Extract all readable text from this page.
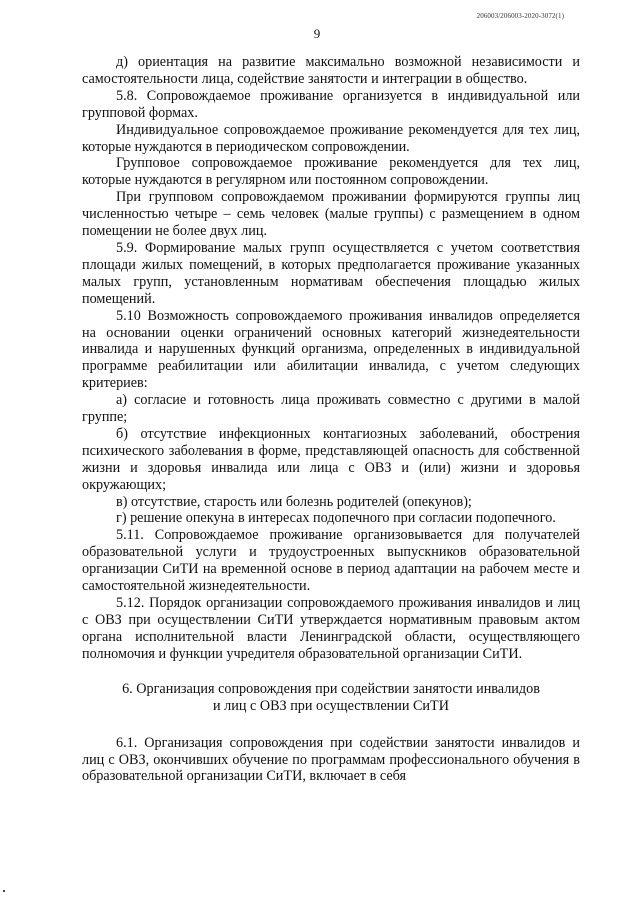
206003/206003-2020-3072(1)
9

д) ориентация на развитие максимально возможной независимости и самостоятельности лица, содействие занятости и интеграции в общество.

5.8. Сопровождаемое проживание организуется в индивидуальной или групповой формах.

Индивидуальное сопровождаемое проживание рекомендуется для тех лиц, которые нуждаются в периодическом сопровождении.

Групповое сопровождаемое проживание рекомендуется для тех лиц, которые нуждаются в регулярном или постоянном сопровождении.

При групповом сопровождаемом проживании формируются группы лиц численностью четыре – семь человек (малые группы) с размещением в одном помещении не более двух лиц.

5.9. Формирование малых групп осуществляется с учетом соответствия площади жилых помещений, в которых предполагается проживание указанных малых групп, установленным нормативам обеспечения площадью жилых помещений.

5.10 Возможность сопровождаемого проживания инвалидов определяется на основании оценки ограничений основных категорий жизнедеятельности инвалида и нарушенных функций организма, определенных в индивидуальной программе реабилитации или абилитации инвалида, с учетом следующих критериев:

а) согласие и готовность лица проживать совместно с другими в малой группе;

б) отсутствие инфекционных контагиозных заболеваний, обострения психического заболевания в форме, представляющей опасность для собственной жизни и здоровья инвалида или лица с ОВЗ и (или) жизни и здоровья окружающих;

в) отсутствие, старость или болезнь родителей (опекунов);

г) решение опекуна в интересах подопечного при согласии подопечного.

5.11. Сопровождаемое проживание организовывается для получателей образовательной услуги и трудоустроенных выпускников образовательной организации СиТИ на временной основе в период адаптации на рабочем месте и самостоятельной жизнедеятельности.

5.12. Порядок организации сопровождаемого проживания инвалидов и лиц с ОВЗ при осуществлении СиТИ утверждается нормативным правовым актом органа исполнительной власти Ленинградской области, осуществляющего полномочия и функции учредителя образовательной организации СиТИ.

6. Организация сопровождения при содействии занятости инвалидов
и лиц с ОВЗ при осуществлении СиТИ

6.1. Организация сопровождения при содействии занятости инвалидов и лиц с ОВЗ, окончивших обучение по программам профессионального обучения в образовательной организации СиТИ, включает в себя
